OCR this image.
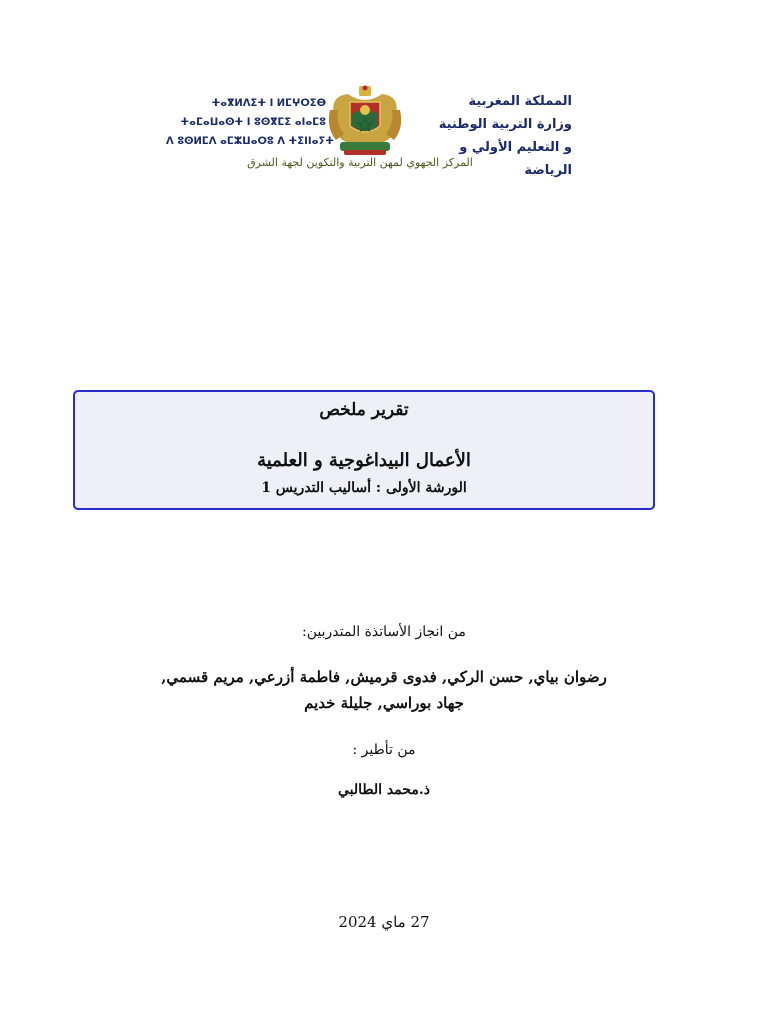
ⵜⴰⴳⵍⴷⵉⵜ ⵏ ⵍⵎⵖⵔⵉⴱ
ⵜⴰⵎⴰⵡⴰⵙⵜ ⵏ ⵓⵙⴳⵎⵉ ⴰⵏⴰⵎⵓ
ⴷ ⵓⵙⵍⵎⴷ ⴰⵎⵣⵡⴰⵔⵓ ⴷ ⵜⵉⵏⵏⴰⵢⵜ
المملكة المغربية
وزارة التربية الوطنية
و التعليم الأولي و الرياضة
المركز الجهوي لمهن التربية والتكوين لجهة الشرق
تقرير ملخص
الأعمال البيداغوجية و العلمية
الورشة الأولى : أساليب التدريس 1
من انجاز الأساتذة المتدربين:
رضوان بياي, حسن الركي, فدوى قرميش, فاطمة أزرعي, مريم قسمي,
جهاد بوراسي, جليلة خديم
من تأطير :
ذ.محمد الطالبي
27 ماي 2024
